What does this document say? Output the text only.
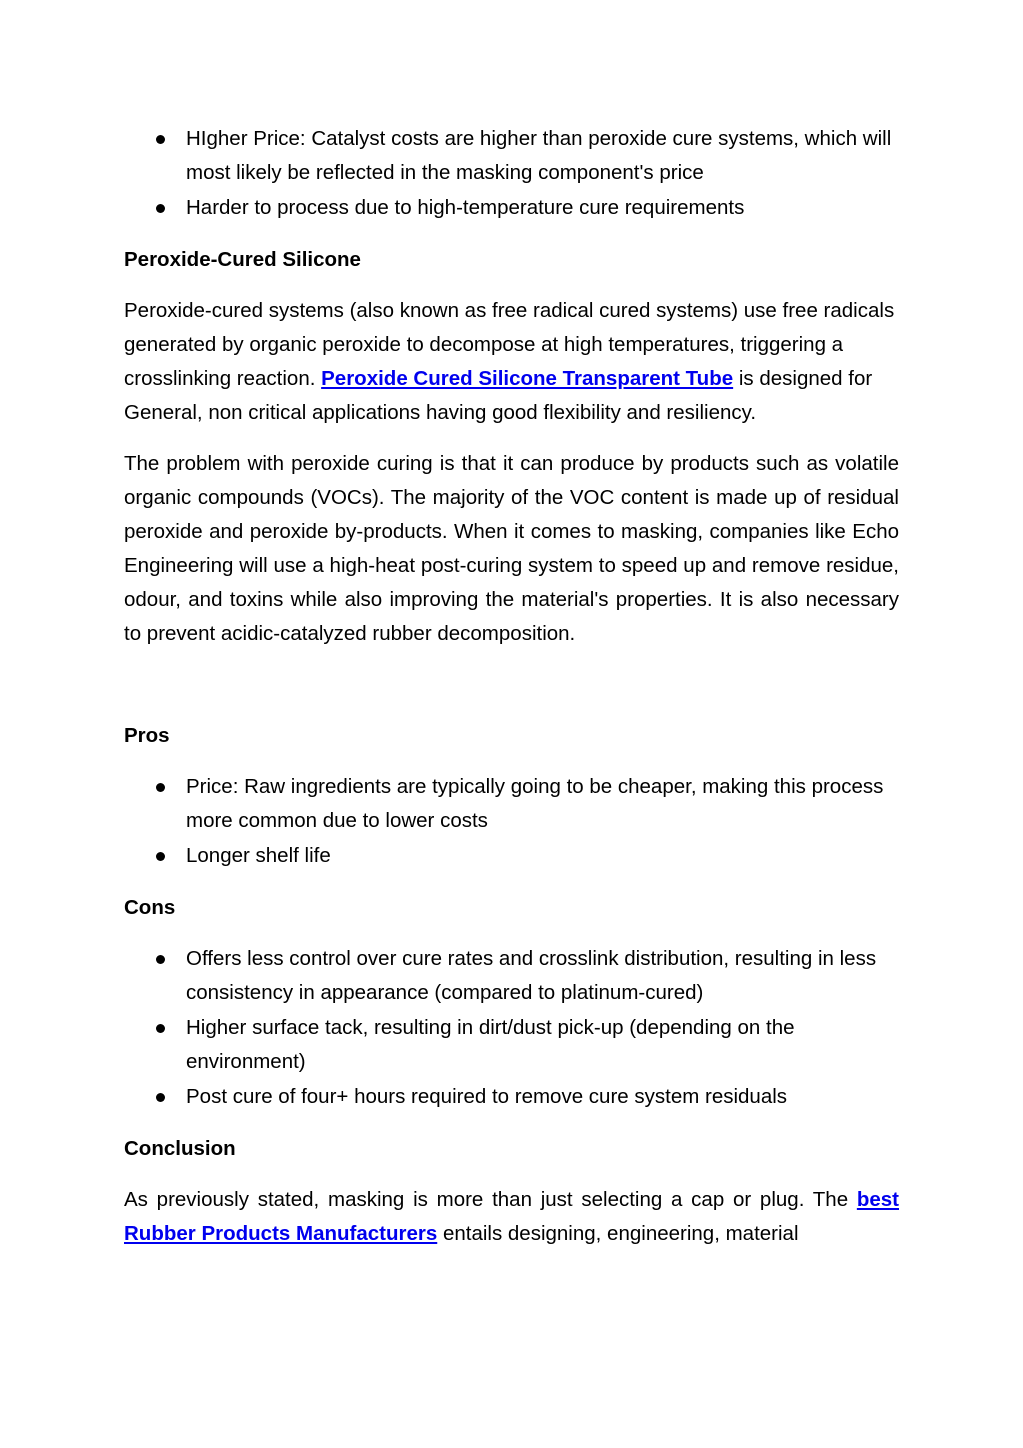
HIgher Price: Catalyst costs are higher than peroxide cure systems, which will most likely be reflected in the masking component's price
Harder to process due to high-temperature cure requirements
Peroxide-Cured Silicone

Peroxide-cured systems (also known as free radical cured systems) use free radicals generated by organic peroxide to decompose at high temperatures, triggering a crosslinking reaction. Peroxide Cured Silicone Transparent Tube is designed for General, non critical applications having good flexibility and resiliency.

The problem with peroxide curing is that it can produce by products such as volatile organic compounds (VOCs). The majority of the VOC content is made up of residual peroxide and peroxide by-products. When it comes to masking, companies like Echo Engineering will use a high-heat post-curing system to speed up and remove residue, odour, and toxins while also improving the material's properties. It is also necessary to prevent acidic-catalyzed rubber decomposition.

Pros
Price: Raw ingredients are typically going to be cheaper, making this process more common due to lower costs
Longer shelf life
Cons
Offers less control over cure rates and crosslink distribution, resulting in less consistency in appearance (compared to platinum-cured)
Higher surface tack, resulting in dirt/dust pick-up (depending on the environment)
Post cure of four+ hours required to remove cure system residuals
Conclusion

As previously stated, masking is more than just selecting a cap or plug. The best Rubber Products Manufacturers entails designing, engineering, material
